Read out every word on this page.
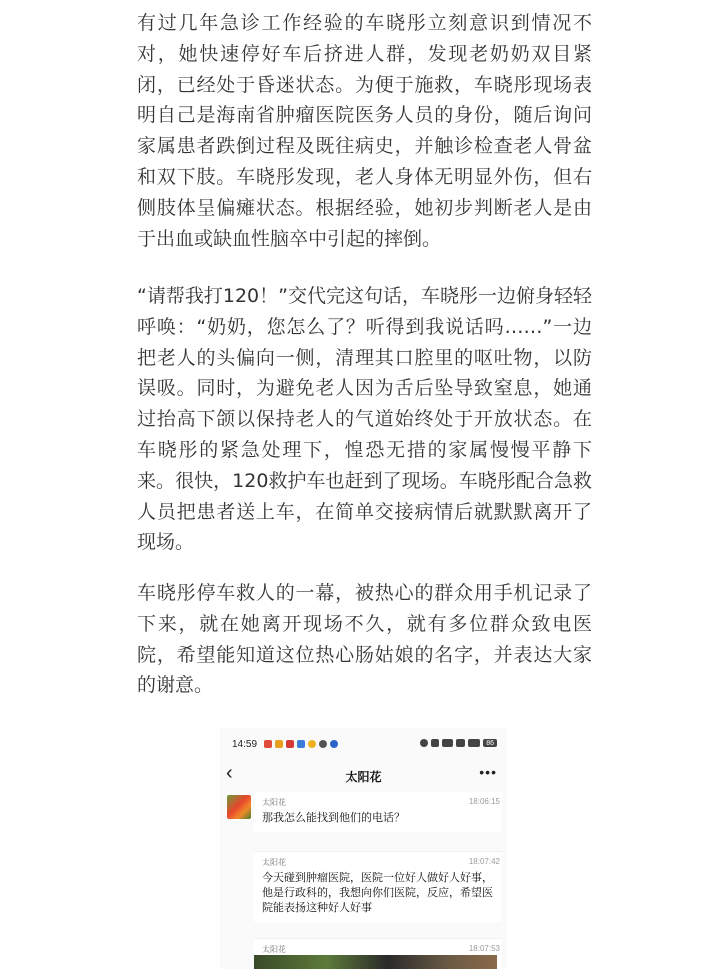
有过几年急诊工作经验的车晓彤立刻意识到情况不对，她快速停好车后挤进人群，发现老奶奶双目紧闭，已经处于昏迷状态。为便于施救，车晓彤现场表明自己是海南省肿瘤医院医务人员的身份，随后询问家属患者跌倒过程及既往病史，并触诊检查老人骨盆和双下肢。车晓彤发现，老人身体无明显外伤，但右侧肢体呈偏瘫状态。根据经验，她初步判断老人是由于出血或缺血性脑卒中引起的摔倒。

“请帮我打120！”交代完这句话，车晓彤一边俯身轻轻呼唤：“奶奶，您怎么了？听得到我说话吗……”一边把老人的头偏向一侧，清理其口腔里的呕吐物，以防误吸。同时，为避免老人因为舌后坠导致窒息，她通过抬高下颌以保持老人的气道始终处于开放状态。在车晓彤的紧急处理下，惶恐无措的家属慢慢平静下来。很快，120救护车也赶到了现场。车晓彤配合急救人员把患者送上车，在简单交接病情后就默默离开了现场。

车晓彤停车救人的一幕，被热心的群众用手机记录了下来，就在她离开现场不久，就有多位群众致电医院，希望能知道这位热心肠姑娘的名字，并表达大家的谢意。

14:59	86
‹	太阳花	•••
太阳花	18:06:15

那我怎么能找到他们的电话？

太阳花	18:07:42

今天碰到肿瘤医院，医院一位好人做好人好事，他是行政科的，我想向你们医院，反应，希望医院能表扬这种好人好事

太阳花	18:07:53
